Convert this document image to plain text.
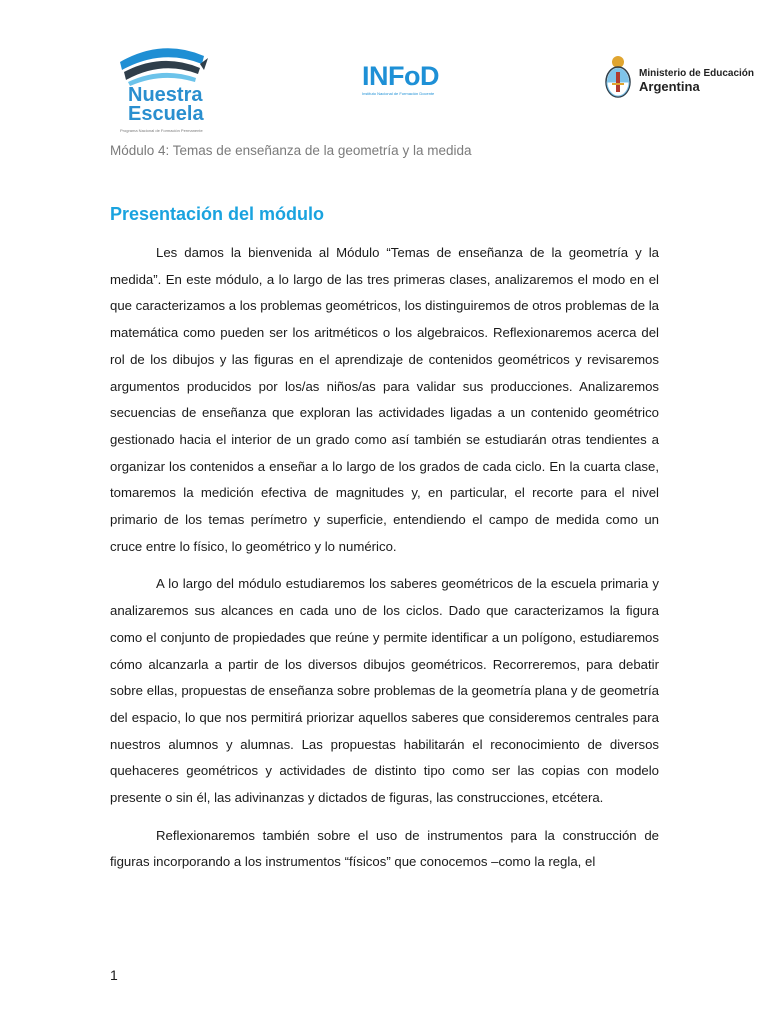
Nuestra
Escuela
Programa Nacional de Formación Permanente
INFoD
Instituto Nacional de Formación Docente
Ministerio de Educación
Argentina
Módulo 4: Temas de enseñanza de la geometría y la medida
Presentación del módulo

Les damos la bienvenida al Módulo “Temas de enseñanza de la geometría y la medida”. En este módulo, a lo largo de las tres primeras clases, analizaremos el modo en el que caracterizamos a los problemas geométricos, los distinguiremos de otros problemas de la matemática como pueden ser los aritméticos o los algebraicos. Reflexionaremos acerca del rol de los dibujos y las figuras en el aprendizaje de contenidos geométricos y revisaremos argumentos producidos por los/as niños/as para validar sus producciones. Analizaremos secuencias de enseñanza que exploran las actividades ligadas a un contenido geométrico gestionado hacia el interior de un grado como así también se estudiarán otras tendientes a organizar los contenidos a enseñar a lo largo de los grados de cada ciclo. En la cuarta clase, tomaremos la medición efectiva de magnitudes y, en particular, el recorte para el nivel primario de los temas perímetro y superficie, entendiendo el campo de medida como un cruce entre lo físico, lo geométrico y lo numérico.

A lo largo del módulo estudiaremos los saberes geométricos de la escuela primaria y analizaremos sus alcances en cada uno de los ciclos. Dado que caracterizamos la figura como el conjunto de propiedades que reúne y permite identificar a un polígono, estudiaremos cómo alcanzarla a partir de los diversos dibujos geométricos. Recorreremos, para debatir sobre ellas, propuestas de enseñanza sobre problemas de la geometría plana y de geometría del espacio, lo que nos permitirá priorizar aquellos saberes que consideremos centrales para nuestros alumnos y alumnas. Las propuestas habilitarán el reconocimiento de diversos quehaceres geométricos y actividades de distinto tipo como ser las copias con modelo presente o sin él, las adivinanzas y dictados de figuras, las construcciones, etcétera.

Reflexionaremos también sobre el uso de instrumentos para la construcción de figuras incorporando a los instrumentos “físicos” que conocemos –como la regla, el

1
